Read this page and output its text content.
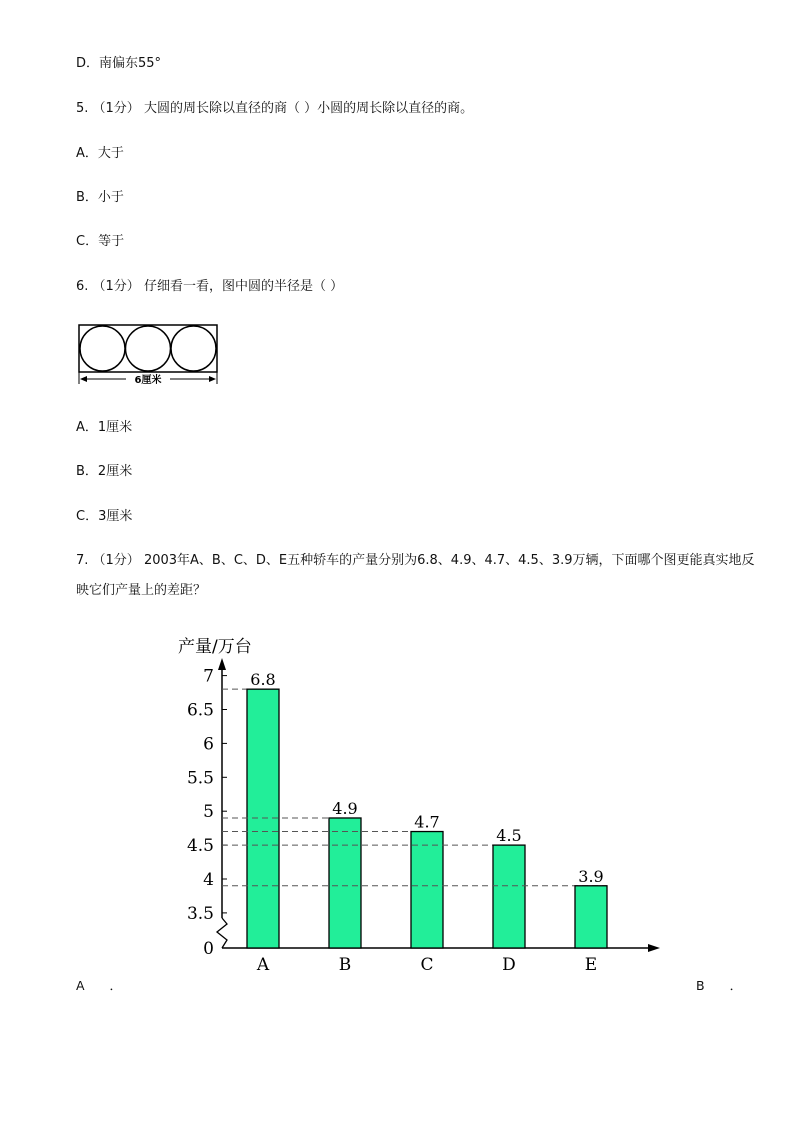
D．南偏东55°
5. （1分） 大圆的周长除以直径的商（ ）小圆的周长除以直径的商。
A．大于
B．小于
C．等于
6. （1分） 仔细看一看，图中圆的半径是（ ）
6厘米
A．1厘米
B．2厘米
C．3厘米
7. （1分） 2003年A、B、C、D、E五种轿车的产量分别为6.8、4.9、4.7、4.5、3.9万辆，下面哪个图更能真实地反映它们产量上的差距？
产量/万台
0
3.5
4
4.5
5
5.5
6
6.5
7 6.8
A
4.9
B
4.7
C
4.5
D
3.9
E
A　　．	B　　．
